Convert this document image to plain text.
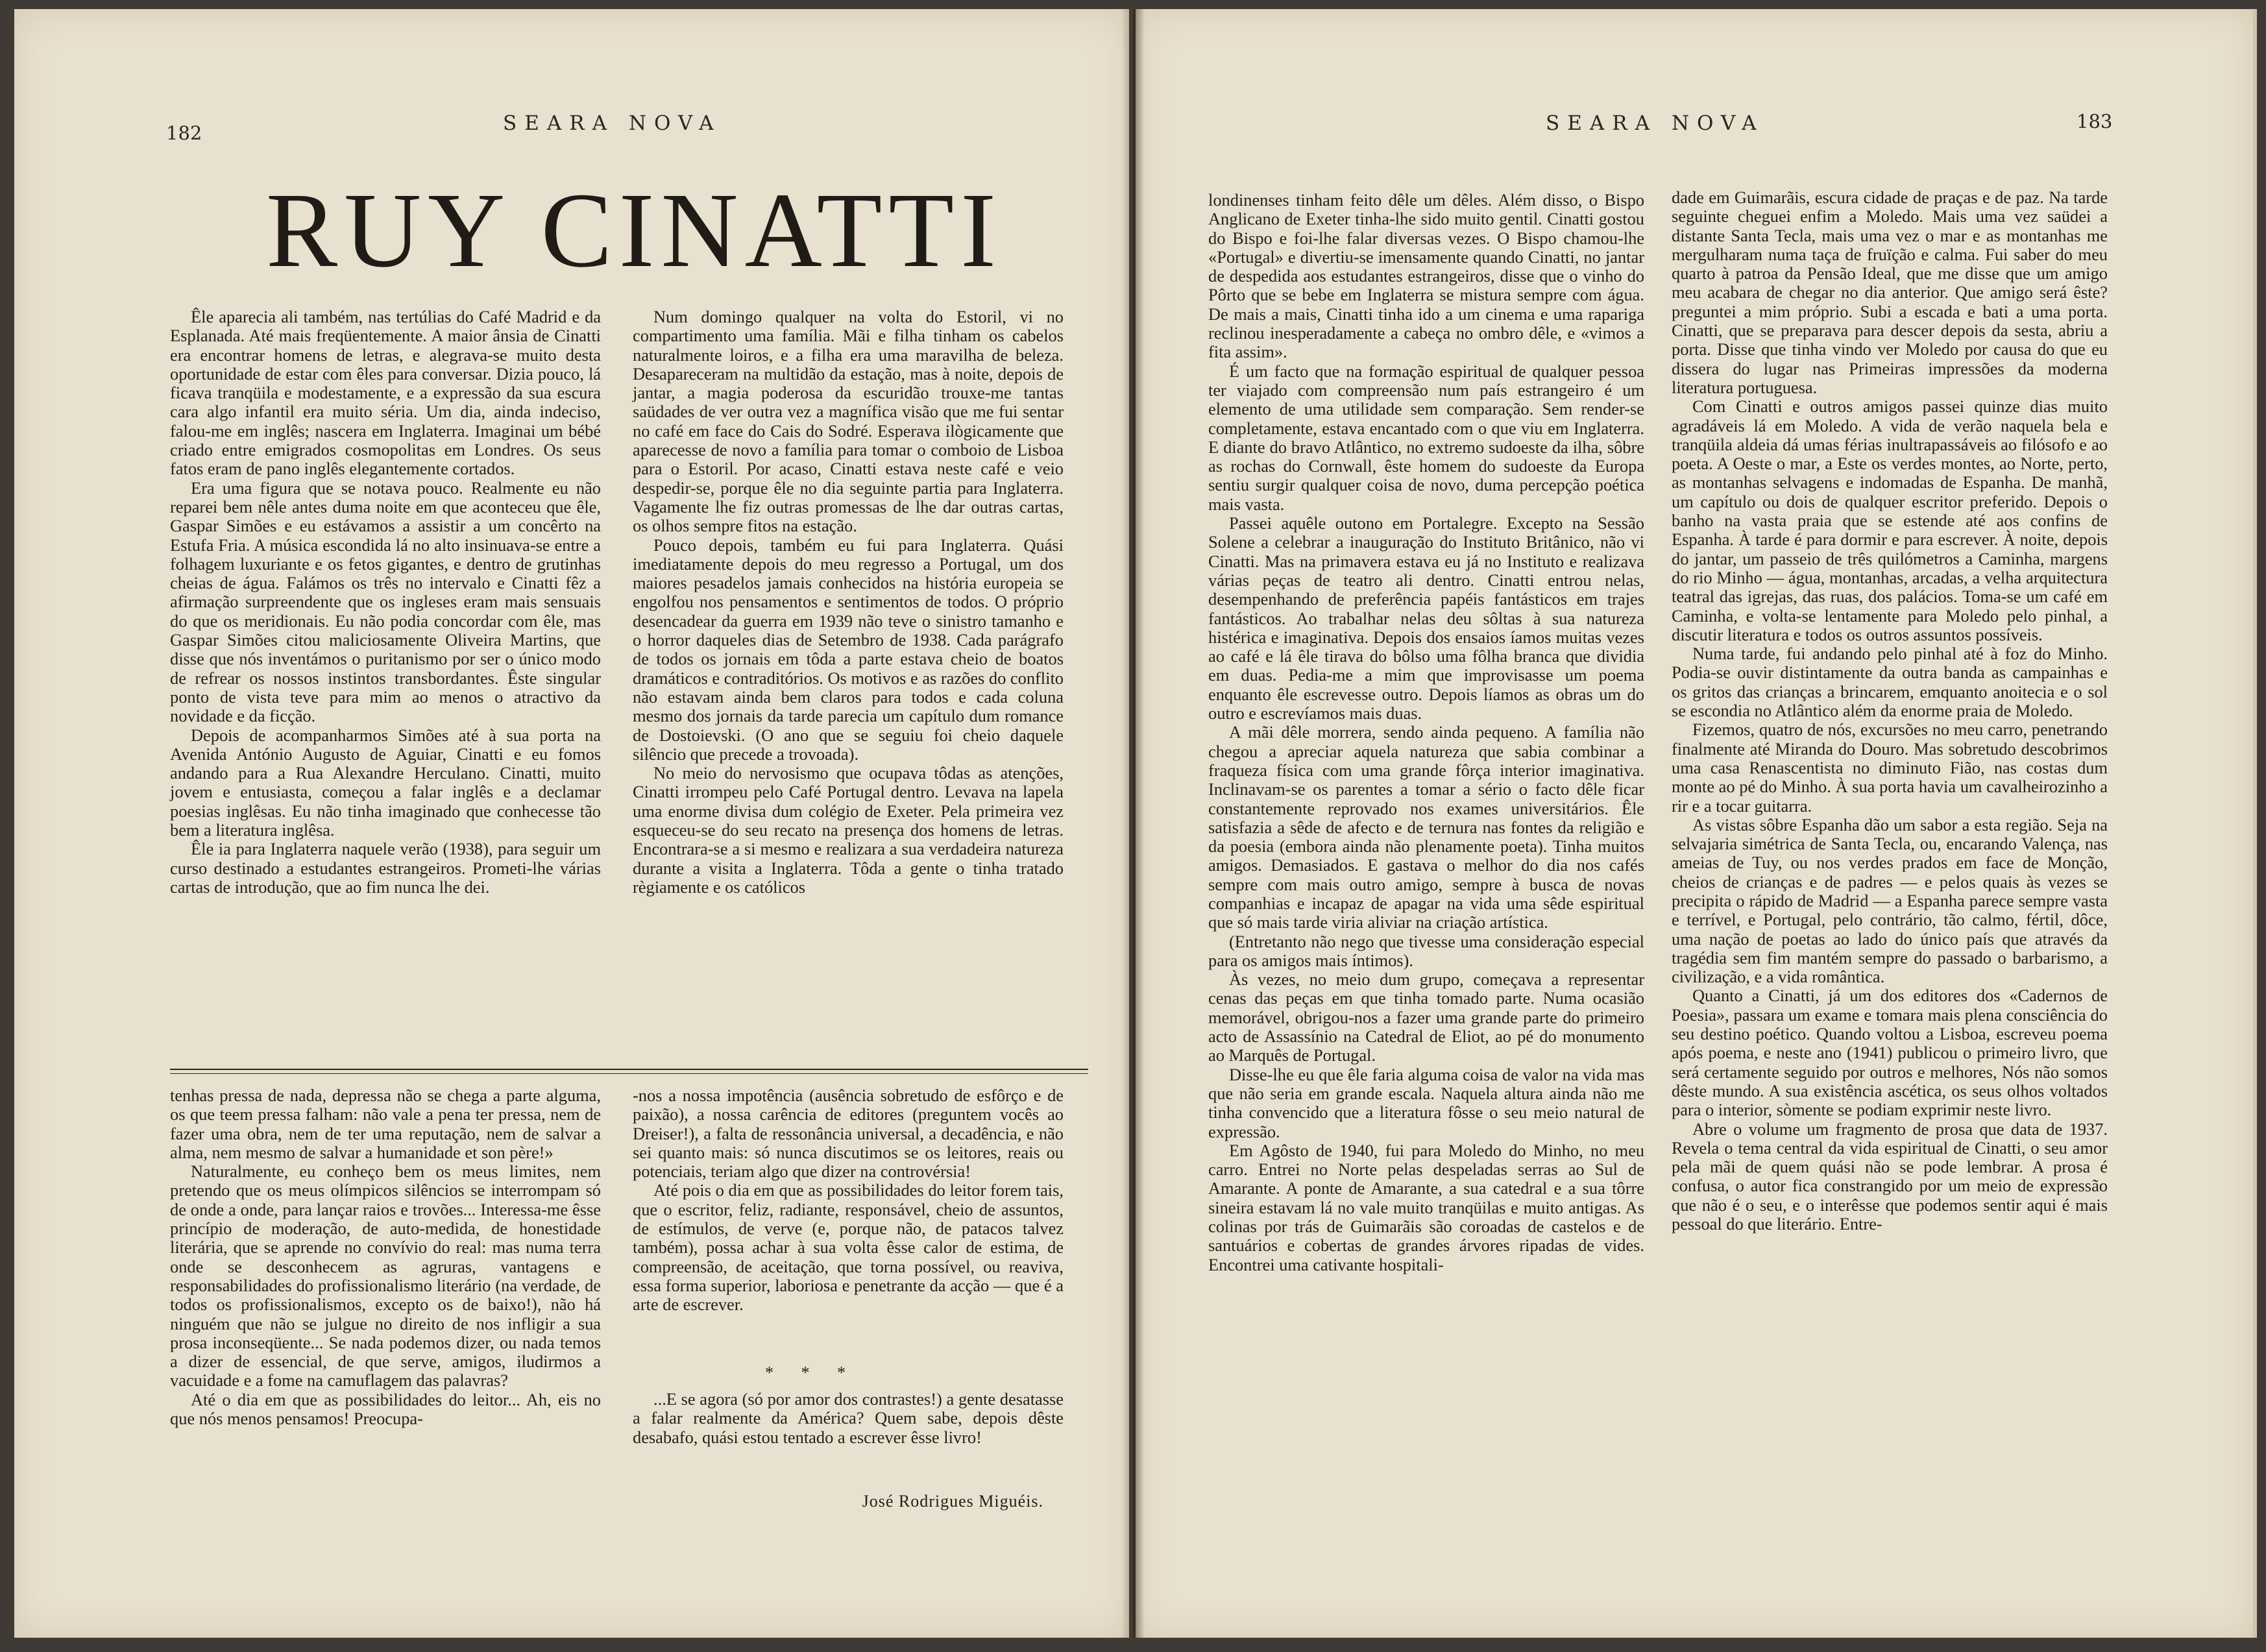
182	SEARA NOVA
RUY CINATTI

Êle aparecia ali também, nas tertúlias do Café Madrid e da Esplanada. Até mais freqüentemente. A maior ânsia de Cinatti era encontrar homens de letras, e alegrava-se muito desta oportunidade de estar com êles para conversar. Dizia pouco, lá ficava tranqüila e modestamente, e a expressão da sua escura cara algo infantil era muito séria. Um dia, ainda indeciso, falou-me em inglês; nascera em Inglaterra. Imaginai um bébé criado entre emigrados cosmopolitas em Londres. Os seus fatos eram de pano inglês elegantemente cortados.

Era uma figura que se notava pouco. Realmente eu não reparei bem nêle antes duma noite em que aconteceu que êle, Gaspar Simões e eu estávamos a assistir a um concêrto na Estufa Fria. A música escondida lá no alto insinuava-se entre a folhagem luxuriante e os fetos gigantes, e dentro de grutinhas cheias de água. Falámos os três no intervalo e Cinatti fêz a afirmação surpreendente que os ingleses eram mais sensuais do que os meridionais. Eu não podia concordar com êle, mas Gaspar Simões citou maliciosamente Oliveira Martins, que disse que nós inventámos o puritanismo por ser o único modo de refrear os nossos instintos transbordantes. Êste singular ponto de vista teve para mim ao menos o atractivo da novidade e da ficção.

Depois de acompanharmos Simões até à sua porta na Avenida António Augusto de Aguiar, Cinatti e eu fomos andando para a Rua Alexandre Herculano. Cinatti, muito jovem e entusiasta, começou a falar inglês e a declamar poesias inglêsas. Eu não tinha imaginado que conhecesse tão bem a literatura inglêsa.

Êle ia para Inglaterra naquele verão (1938), para seguir um curso destinado a estudantes estrangeiros. Prometi-lhe várias cartas de introdução, que ao fim nunca lhe dei.

Num domingo qualquer na volta do Estoril, vi no compartimento uma família. Mãi e filha tinham os cabelos naturalmente loiros, e a filha era uma maravilha de beleza. Desapareceram na multidão da estação, mas à noite, depois de jantar, a magia poderosa da escuridão trouxe-me tantas saüdades de ver outra vez a magnífica visão que me fui sentar no café em face do Cais do Sodré. Esperava ilògicamente que aparecesse de novo a família para tomar o comboio de Lisboa para o Estoril. Por acaso, Cinatti estava neste café e veio despedir-se, porque êle no dia seguinte partia para Inglaterra. Vagamente lhe fiz outras promessas de lhe dar outras cartas, os olhos sempre fitos na estação.

Pouco depois, também eu fui para Inglaterra. Quási imediatamente depois do meu regresso a Portugal, um dos maiores pesadelos jamais conhecidos na história europeia se engolfou nos pensamentos e sentimentos de todos. O próprio desencadear da guerra em 1939 não teve o sinistro tamanho e o horror daqueles dias de Setembro de 1938. Cada parágrafo de todos os jornais em tôda a parte estava cheio de boatos dramáticos e contraditórios. Os motivos e as razões do conflito não estavam ainda bem claros para todos e cada coluna mesmo dos jornais da tarde parecia um capítulo dum romance de Dostoievski. (O ano que se seguiu foi cheio daquele silêncio que precede a trovoada).

No meio do nervosismo que ocupava tôdas as atenções, Cinatti irrompeu pelo Café Portugal dentro. Levava na lapela uma enorme divisa dum colégio de Exeter. Pela primeira vez esqueceu-se do seu recato na presença dos homens de letras. Encontrara-se a si mesmo e realizara a sua verdadeira natureza durante a visita a Inglaterra. Tôda a gente o tinha tratado règiamente e os católicos

tenhas pressa de nada, depressa não se chega a parte alguma, os que teem pressa falham: não vale a pena ter pressa, nem de fazer uma obra, nem de ter uma reputação, nem de salvar a alma, nem mesmo de salvar a humanidade et son père!»

Naturalmente, eu conheço bem os meus limites, nem pretendo que os meus olímpicos silêncios se interrompam só de onde a onde, para lançar raios e trovões... Interessa-me êsse princípio de moderação, de auto-medida, de honestidade literária, que se aprende no convívio do real: mas numa terra onde se desconhecem as agruras, vantagens e responsabilidades do profissionalismo literário (na verdade, de todos os profissionalismos, excepto os de baixo!), não há ninguém que não se julgue no direito de nos infligir a sua prosa inconseqüente... Se nada podemos dizer, ou nada temos a dizer de essencial, de que serve, amigos, iludirmos a vacuidade e a fome na camuflagem das palavras?

Até o dia em que as possibilidades do leitor... Ah, eis no que nós menos pensamos! Preocupa-

-nos a nossa impotência (ausência sobretudo de esfôrço e de paixão), a nossa carência de editores (preguntem vocês ao Dreiser!), a falta de ressonância universal, a decadência, e não sei quanto mais: só nunca discutimos se os leitores, reais ou potenciais, teriam algo que dizer na controvérsia!

Até pois o dia em que as possibilidades do leitor forem tais, que o escritor, feliz, radiante, responsável, cheio de assuntos, de estímulos, de verve (e, porque não, de patacos talvez também), possa achar à sua volta êsse calor de estima, de compreensão, de aceitação, que torna possível, ou reaviva, essa forma superior, laboriosa e penetrante da acção — que é a arte de escrever.

* * *

...E se agora (só por amor dos contrastes!) a gente desatasse a falar realmente da América? Quem sabe, depois dêste desabafo, quási estou tentado a escrever êsse livro!

José Rodrigues Miguéis.
SEARA NOVA	183

londinenses tinham feito dêle um dêles. Além disso, o Bispo Anglicano de Exeter tinha-lhe sido muito gentil. Cinatti gostou do Bispo e foi-lhe falar diversas vezes. O Bispo chamou-lhe «Portugal» e divertiu-se imensamente quando Cinatti, no jantar de despedida aos estudantes estrangeiros, disse que o vinho do Pôrto que se bebe em Inglaterra se mistura sempre com água. De mais a mais, Cinatti tinha ido a um cinema e uma rapariga reclinou inesperadamente a cabeça no ombro dêle, e «vimos a fita assim».

É um facto que na formação espiritual de qualquer pessoa ter viajado com compreensão num país estrangeiro é um elemento de uma utilidade sem comparação. Sem render-se completamente, estava encantado com o que viu em Inglaterra. E diante do bravo Atlântico, no extremo sudoeste da ilha, sôbre as rochas do Cornwall, êste homem do sudoeste da Europa sentiu surgir qualquer coisa de novo, duma percepção poética mais vasta.

Passei aquêle outono em Portalegre. Excepto na Sessão Solene a celebrar a inauguração do Instituto Britânico, não vi Cinatti. Mas na primavera estava eu já no Instituto e realizava várias peças de teatro ali dentro. Cinatti entrou nelas, desempenhando de preferência papéis fantásticos em trajes fantásticos. Ao trabalhar nelas deu sôltas à sua natureza histérica e imaginativa. Depois dos ensaios íamos muitas vezes ao café e lá êle tirava do bôlso uma fôlha branca que dividia em duas. Pedia-me a mim que improvisasse um poema enquanto êle escrevesse outro. Depois líamos as obras um do outro e escrevíamos mais duas.

A mãi dêle morrera, sendo ainda pequeno. A família não chegou a apreciar aquela natureza que sabia combinar a fraqueza física com uma grande fôrça interior imaginativa. Inclinavam-se os parentes a tomar a sério o facto dêle ficar constantemente reprovado nos exames universitários. Êle satisfazia a sêde de afecto e de ternura nas fontes da religião e da poesia (embora ainda não plenamente poeta). Tinha muitos amigos. Demasiados. E gastava o melhor do dia nos cafés sempre com mais outro amigo, sempre à busca de novas companhias e incapaz de apagar na vida uma sêde espiritual que só mais tarde viria aliviar na criação artística.

(Entretanto não nego que tivesse uma consideração especial para os amigos mais íntimos).

Às vezes, no meio dum grupo, começava a representar cenas das peças em que tinha tomado parte. Numa ocasião memorável, obrigou-nos a fazer uma grande parte do primeiro acto de Assassínio na Catedral de Eliot, ao pé do monumento ao Marquês de Portugal.

Disse-lhe eu que êle faria alguma coisa de valor na vida mas que não seria em grande escala. Naquela altura ainda não me tinha convencido que a literatura fôsse o seu meio natural de expressão.

Em Agôsto de 1940, fui para Moledo do Minho, no meu carro. Entrei no Norte pelas despeladas serras ao Sul de Amarante. A ponte de Amarante, a sua catedral e a sua tôrre sineira estavam lá no vale muito tranqüilas e muito antigas. As colinas por trás de Guimarãis são coroadas de castelos e de santuários e cobertas de grandes árvores ripadas de vides. Encontrei uma cativante hospitali-

dade em Guimarãis, escura cidade de praças e de paz. Na tarde seguinte cheguei enfim a Moledo. Mais uma vez saüdei a distante Santa Tecla, mais uma vez o mar e as montanhas me mergulharam numa taça de fruïção e calma. Fui saber do meu quarto à patroa da Pensão Ideal, que me disse que um amigo meu acabara de chegar no dia anterior. Que amigo será êste? preguntei a mim próprio. Subi a escada e bati a uma porta. Cinatti, que se preparava para descer depois da sesta, abriu a porta. Disse que tinha vindo ver Moledo por causa do que eu dissera do lugar nas Primeiras impressões da moderna literatura portuguesa.

Com Cinatti e outros amigos passei quinze dias muito agradáveis lá em Moledo. A vida de verão naquela bela e tranqüila aldeia dá umas férias inultrapassáveis ao filósofo e ao poeta. A Oeste o mar, a Este os verdes montes, ao Norte, perto, as montanhas selvagens e indomadas de Espanha. De manhã, um capítulo ou dois de qualquer escritor preferido. Depois o banho na vasta praia que se estende até aos confins de Espanha. À tarde é para dormir e para escrever. À noite, depois do jantar, um passeio de três quilómetros a Caminha, margens do rio Minho — água, montanhas, arcadas, a velha arquitectura teatral das igrejas, das ruas, dos palácios. Toma-se um café em Caminha, e volta-se lentamente para Moledo pelo pinhal, a discutir literatura e todos os outros assuntos possíveis.

Numa tarde, fui andando pelo pinhal até à foz do Minho. Podia-se ouvir distintamente da outra banda as campainhas e os gritos das crianças a brincarem, emquanto anoitecia e o sol se escondia no Atlântico além da enorme praia de Moledo.

Fizemos, quatro de nós, excursões no meu carro, penetrando finalmente até Miranda do Douro. Mas sobretudo descobrimos uma casa Renascentista no diminuto Fião, nas costas dum monte ao pé do Minho. À sua porta havia um cavalheirozinho a rir e a tocar guitarra.

As vistas sôbre Espanha dão um sabor a esta região. Seja na selvajaria simétrica de Santa Tecla, ou, encarando Valença, nas ameias de Tuy, ou nos verdes prados em face de Monção, cheios de crianças e de padres — e pelos quais às vezes se precipita o rápido de Madrid — a Espanha parece sempre vasta e terrível, e Portugal, pelo contrário, tão calmo, fértil, dôce, uma nação de poetas ao lado do único país que através da tragédia sem fim mantém sempre do passado o barbarismo, a civilização, e a vida romântica.

Quanto a Cinatti, já um dos editores dos «Cadernos de Poesia», passara um exame e tomara mais plena consciência do seu destino poético. Quando voltou a Lisboa, escreveu poema após poema, e neste ano (1941) publicou o primeiro livro, que será certamente seguido por outros e melhores, Nós não somos dêste mundo. A sua existência ascética, os seus olhos voltados para o interior, sòmente se podiam exprimir neste livro.

Abre o volume um fragmento de prosa que data de 1937. Revela o tema central da vida espiritual de Cinatti, o seu amor pela mãi de quem quási não se pode lembrar. A prosa é confusa, o autor fica constrangido por um meio de expressão que não é o seu, e o interêsse que podemos sentir aqui é mais pessoal do que literário. Entre-
